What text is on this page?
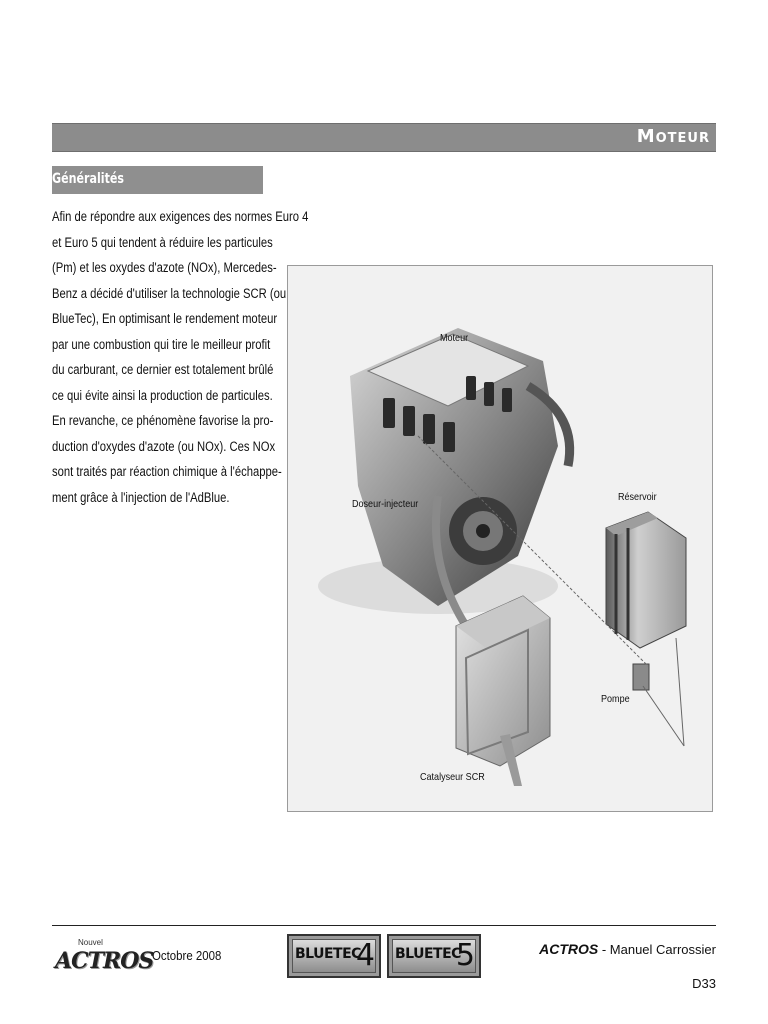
Moteur
Généralités
Afin de répondre aux exigences des normes Euro 4
et Euro 5 qui tendent à réduire les particules
(Pm) et les oxydes d'azote (NOx), Mercedes-
Benz a décidé d'utiliser la technologie SCR (ou
BlueTec), En optimisant le rendement moteur
par une combustion qui tire le meilleur profit
du carburant, ce dernier est totalement brûlé
ce qui évite ainsi la production de particules.
En revanche, ce phénomène favorise la pro-
duction d'oxydes d'azote (ou NOx). Ces NOx
sont traités par réaction chimique à l'échappe-
ment grâce à l'injection de l'AdBlue.
Moteur
Doseur-injecteur
Réservoir
Pompe
Catalyseur SCR
Nouvel
ACTROS
Octobre 2008	BLUETEC
4 BLUETEC
5	ACTROS - Manuel Carrossier
D33
